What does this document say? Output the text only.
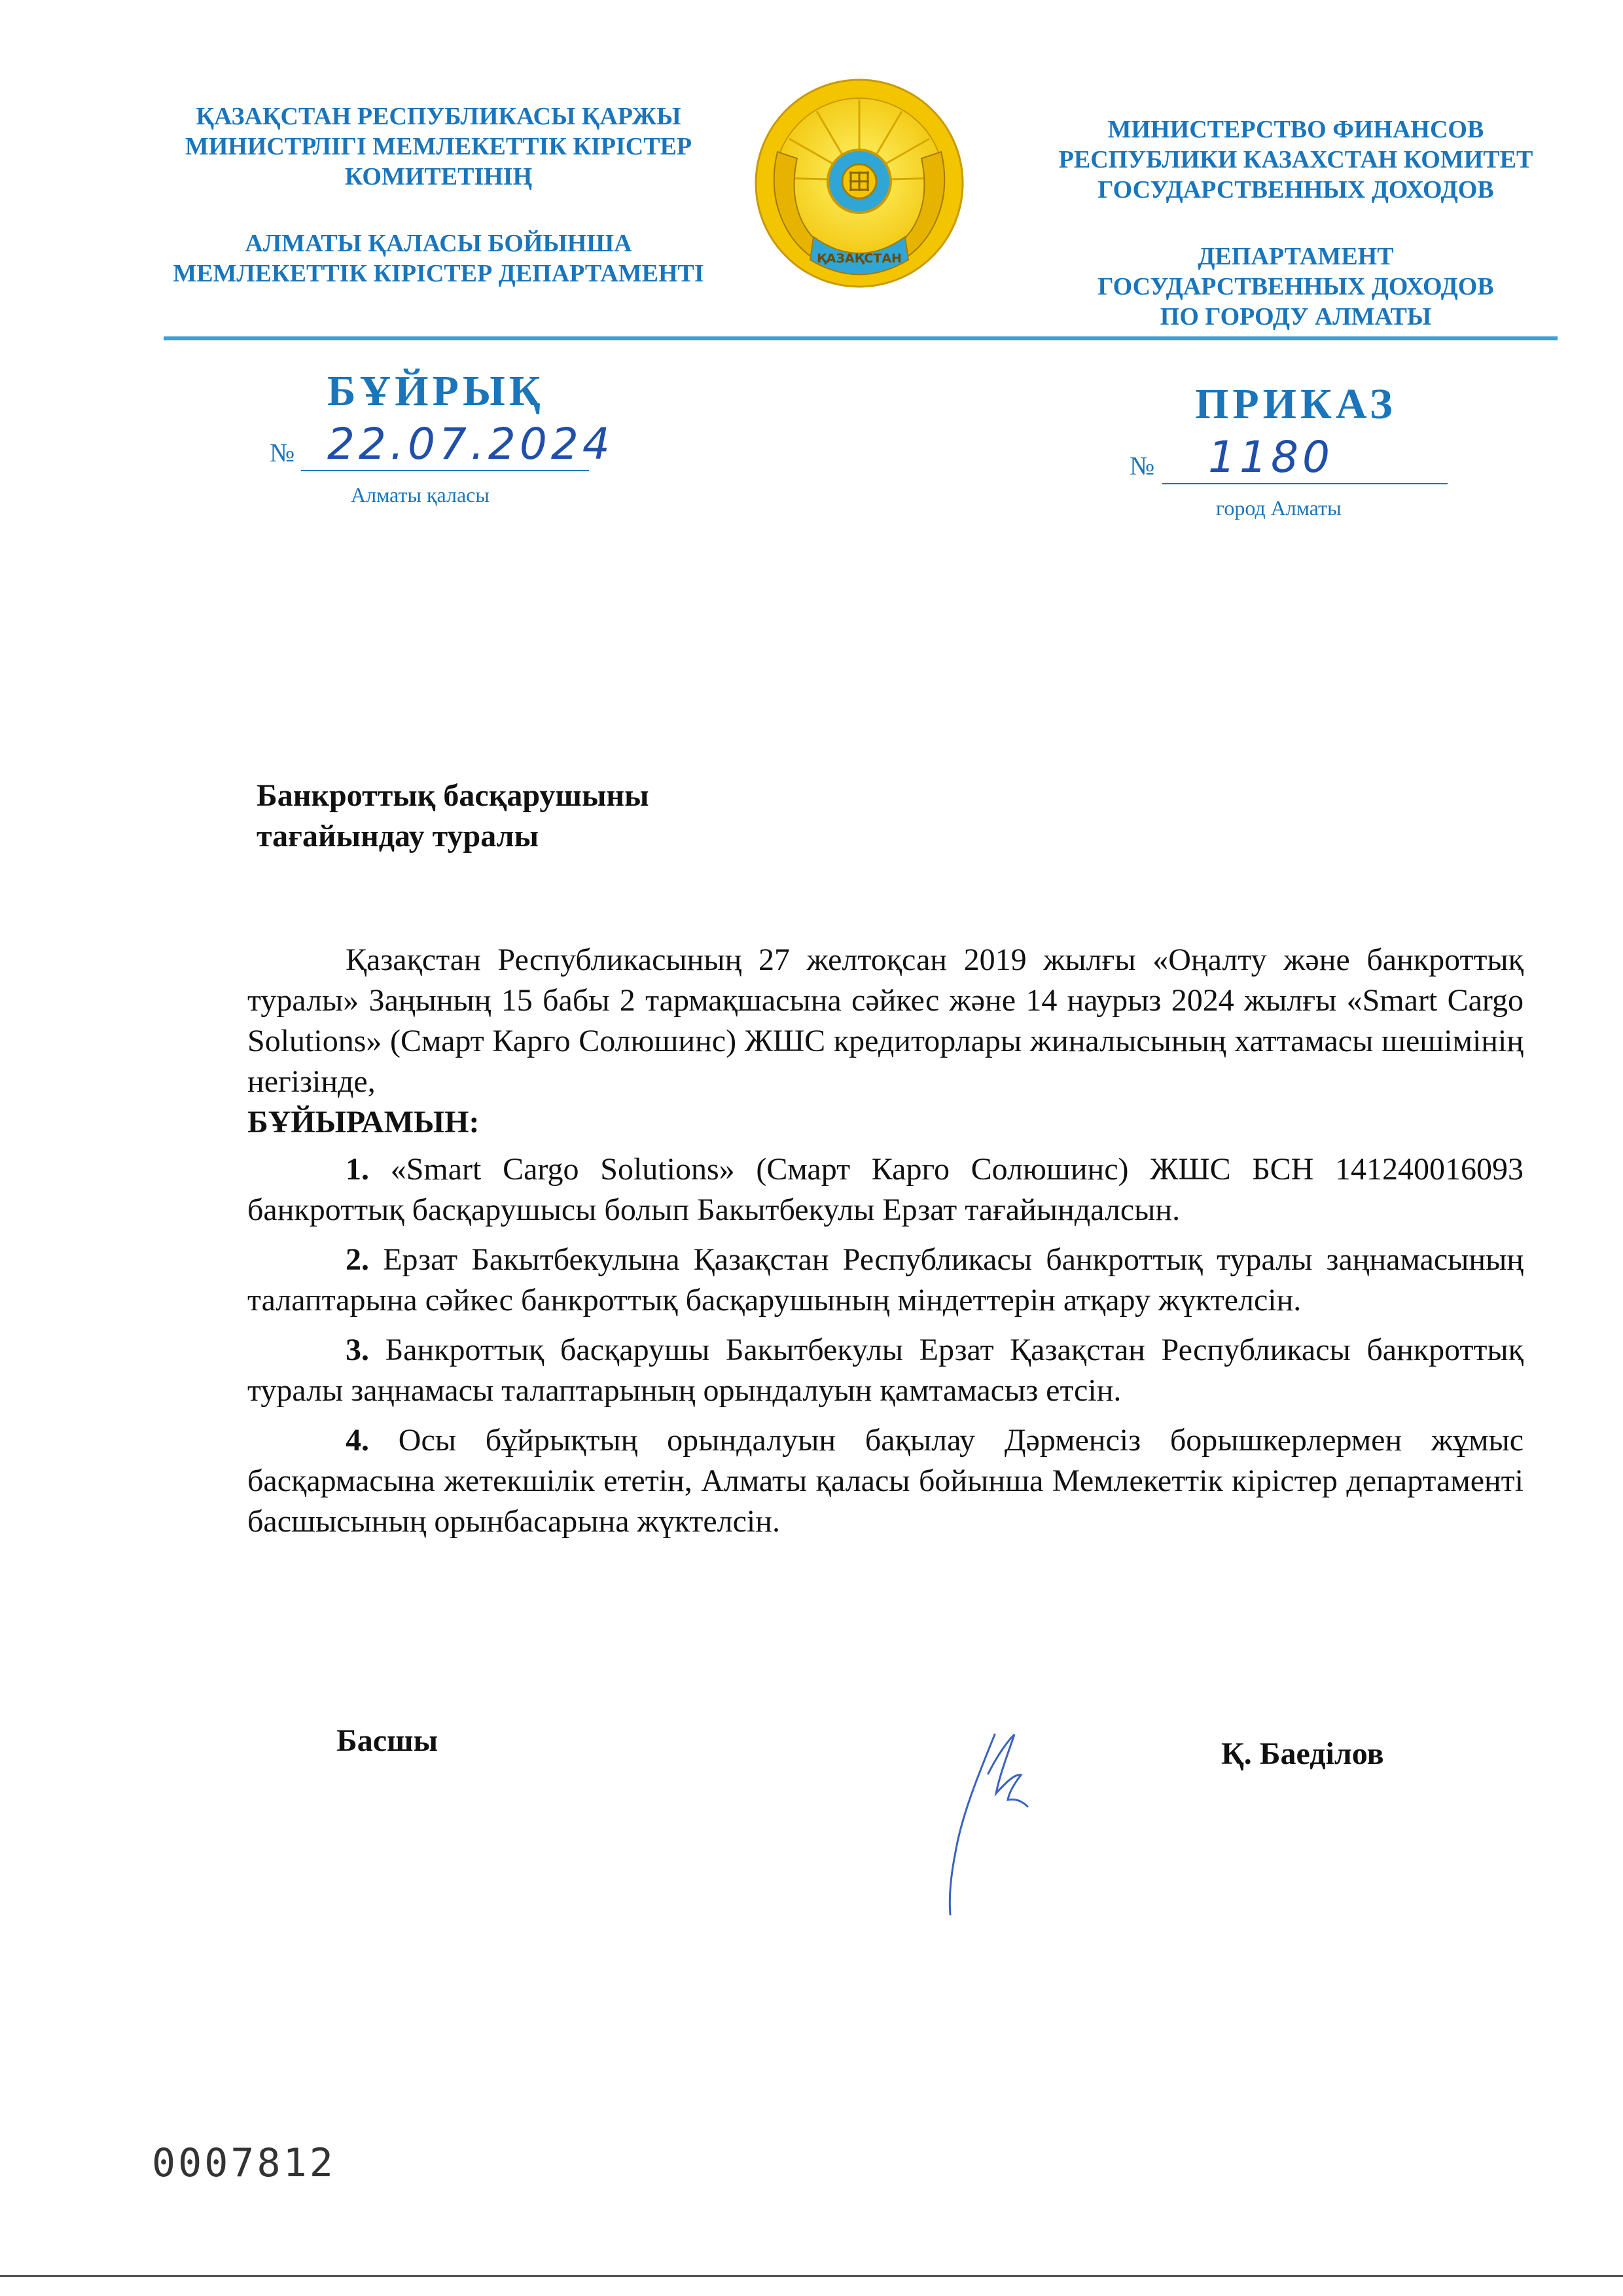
ҚАЗАҚСТАН РЕСПУБЛИКАСЫ ҚАРЖЫ
МИНИСТРЛІГІ МЕМЛЕКЕТТІК КІРІСТЕР
КОМИТЕТІНІҢ
АЛМАТЫ ҚАЛАСЫ БОЙЫНША
МЕМЛЕКЕТТІК КІРІСТЕР ДЕПАРТАМЕНТІ
ҚАЗАҚСТАН
МИНИСТЕРСТВО ФИНАНСОВ
РЕСПУБЛИКИ КАЗАХСТАН КОМИТЕТ
ГОСУДАРСТВЕННЫХ ДОХОДОВ
ДЕПАРТАМЕНТ
ГОСУДАРСТВЕННЫХ ДОХОДОВ
ПО ГОРОДУ АЛМАТЫ
БҰЙРЫҚ
№ 22.07.2024
Алматы қаласы
ПРИКАЗ
№ 1180
город Алматы
Банкроттық басқарушыны
тағайындау туралы

Қазақстан Республикасының 27 желтоқсан 2019 жылғы «Оңалту және банкроттық туралы» Заңының 15 бабы 2 тармақшасына сәйкес және 14 наурыз 2024 жылғы «Smart Cargo Solutions» (Смарт Карго Солюшинс) ЖШС кредиторлары жиналысының хаттамасы шешімінің негізінде,

БҰЙЫРАМЫН:

1. «Smart Cargo Solutions» (Смарт Карго Солюшинс) ЖШС БСН 141240016093 банкроттық басқарушысы болып Бакытбекулы Ерзат тағайындалсын.

2. Ерзат Бакытбекулына Қазақстан Республикасы банкроттық туралы заңнамасының талаптарына сәйкес банкроттық басқарушының міндеттерін атқару жүктелсін.

3. Банкроттық басқарушы Бакытбекулы Ерзат Қазақстан Республикасы банкроттық туралы заңнамасы талаптарының орындалуын қамтамасыз етсін.

4. Осы бұйрықтың орындалуын бақылау Дәрменсіз борышкерлермен жұмыс басқармасына жетекшілік ететін, Алматы қаласы бойынша Мемлекеттік кірістер департаменті басшысының орынбасарына жүктелсін.

Басшы	Қ. Баеділов
0007812
